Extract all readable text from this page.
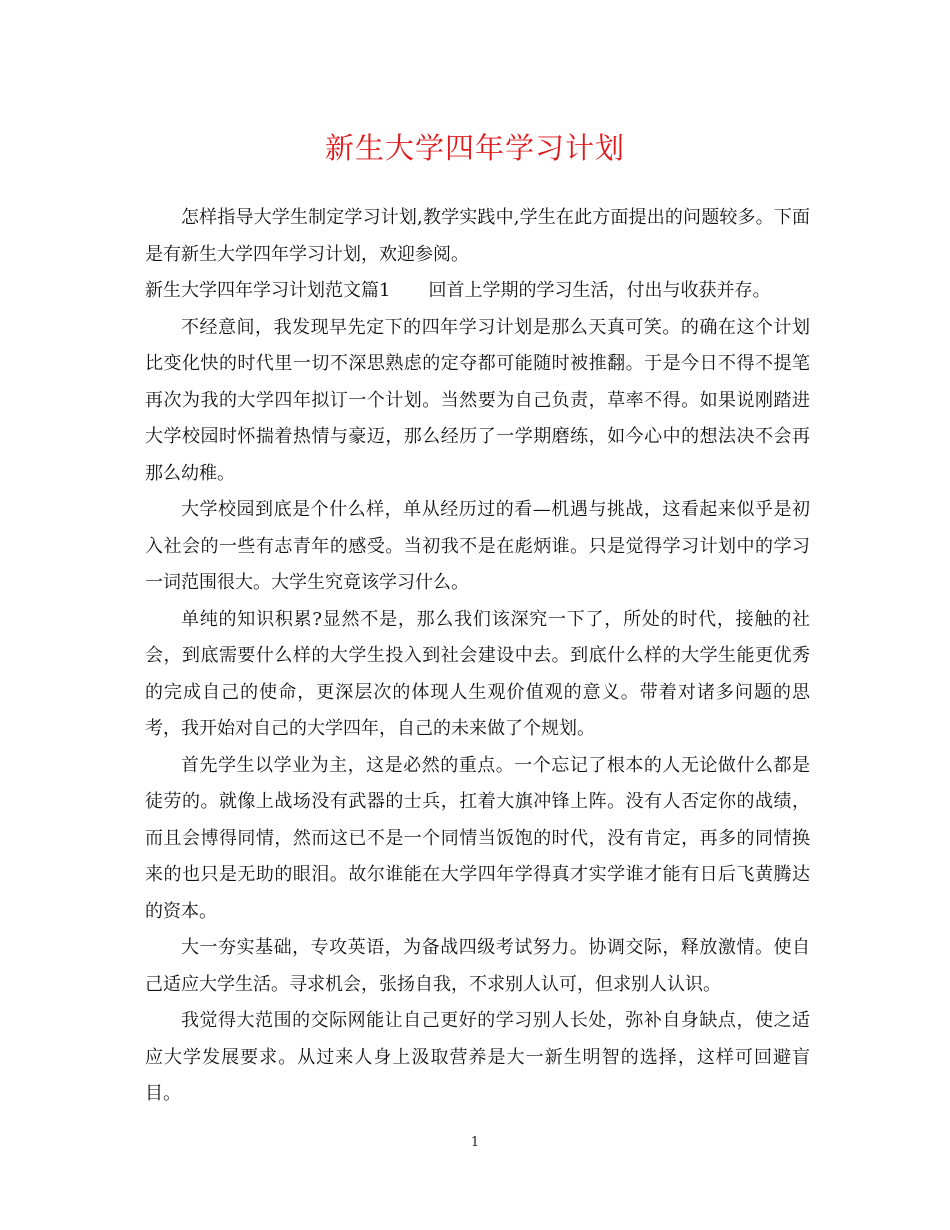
新生大学四年学习计划

怎样指导大学生制定学习计划,教学实践中,学生在此方面提出的问题较多。下面是有新生大学四年学习计划，欢迎参阅。

新生大学四年学习计划范文篇1 回首上学期的学习生活，付出与收获并存。

不经意间，我发现早先定下的四年学习计划是那么天真可笑。的确在这个计划比变化快的时代里一切不深思熟虑的定夺都可能随时被推翻。于是今日不得不提笔再次为我的大学四年拟订一个计划。当然要为自己负责，草率不得。如果说刚踏进大学校园时怀揣着热情与豪迈，那么经历了一学期磨练，如今心中的想法决不会再那么幼稚。

大学校园到底是个什么样，单从经历过的看—机遇与挑战，这看起来似乎是初入社会的一些有志青年的感受。当初我不是在彪炳谁。只是觉得学习计划中的学习一词范围很大。大学生究竟该学习什么。

单纯的知识积累?显然不是，那么我们该深究一下了，所处的时代，接触的社会，到底需要什么样的大学生投入到社会建设中去。到底什么样的大学生能更优秀的完成自己的使命，更深层次的体现人生观价值观的意义。带着对诸多问题的思考，我开始对自己的大学四年，自己的未来做了个规划。

首先学生以学业为主，这是必然的重点。一个忘记了根本的人无论做什么都是徒劳的。就像上战场没有武器的士兵，扛着大旗冲锋上阵。没有人否定你的战绩，而且会博得同情，然而这已不是一个同情当饭饱的时代，没有肯定，再多的同情换来的也只是无助的眼泪。故尔谁能在大学四年学得真才实学谁才能有日后飞黄腾达的资本。

大一夯实基础，专攻英语，为备战四级考试努力。协调交际，释放激情。使自己适应大学生活。寻求机会，张扬自我，不求别人认可，但求别人认识。

我觉得大范围的交际网能让自己更好的学习别人长处，弥补自身缺点，使之适应大学发展要求。从过来人身上汲取营养是大一新生明智的选择，这样可回避盲目。

1
